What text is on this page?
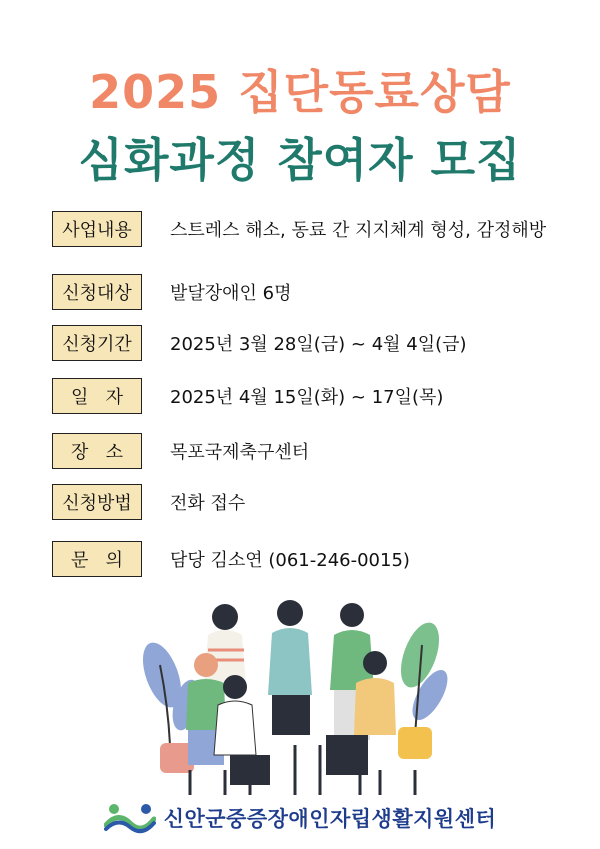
2025 집단동료상담
심화과정 참여자 모집
사업내용	스트레스 해소, 동료 간 지지체계 형성, 감정해방
신청대상	발달장애인 6명
신청기간	2025년 3월 28일(금) ~ 4월 4일(금)
일 자	2025년 4월 15일(화) ~ 17일(목)
장 소	목포국제축구센터
신청방법	전화 접수
문 의	담당 김소연 (061-246-0015)
신안군중증장애인자립생활지원센터
